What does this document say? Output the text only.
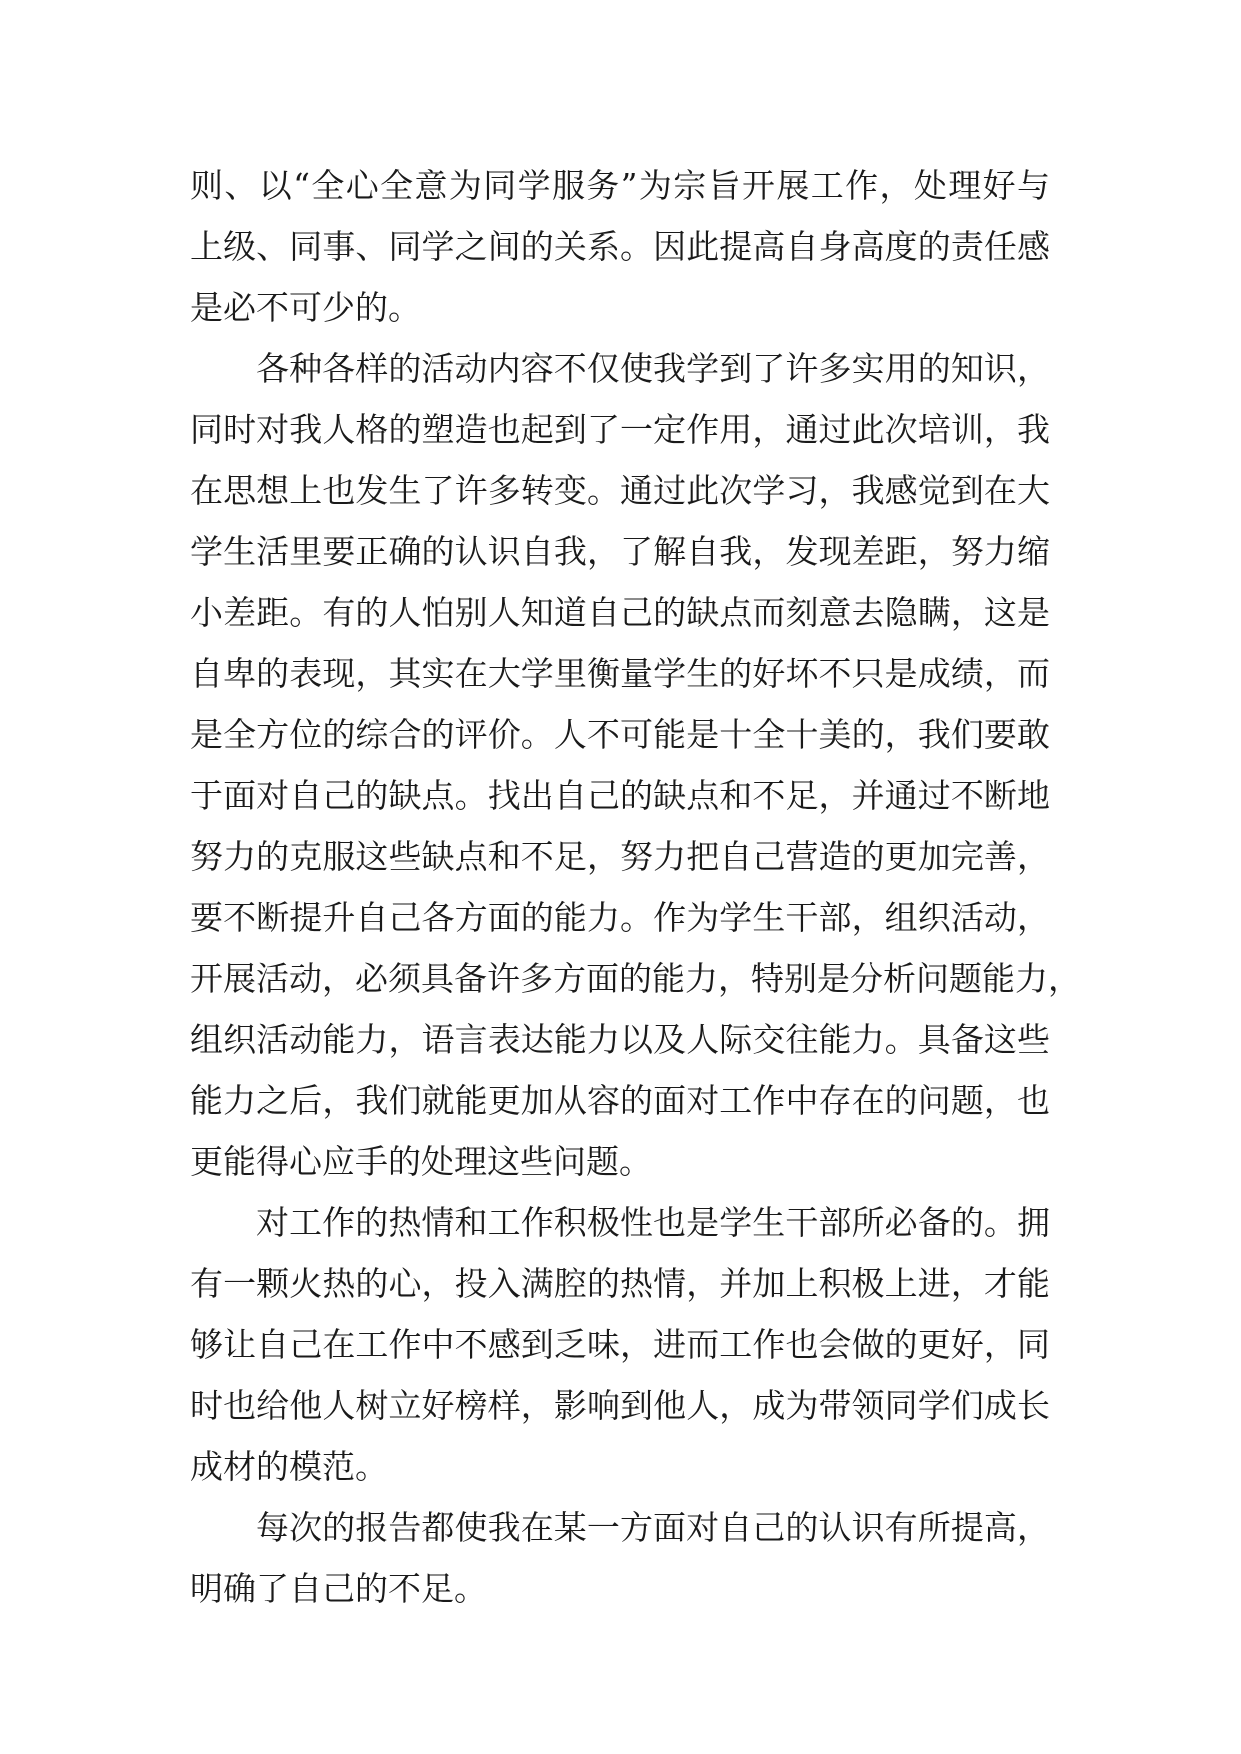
则、以“全心全意为同学服务”为宗旨开展工作，处理好与
上级、同事、同学之间的关系。因此提高自身高度的责任感
是必不可少的。
各种各样的活动内容不仅使我学到了许多实用的知识，
同时对我人格的塑造也起到了一定作用，通过此次培训，我
在思想上也发生了许多转变。通过此次学习，我感觉到在大
学生活里要正确的认识自我，了解自我，发现差距，努力缩
小差距。有的人怕别人知道自己的缺点而刻意去隐瞒，这是
自卑的表现，其实在大学里衡量学生的好坏不只是成绩，而
是全方位的综合的评价。人不可能是十全十美的，我们要敢
于面对自己的缺点。找出自己的缺点和不足，并通过不断地
努力的克服这些缺点和不足，努力把自己营造的更加完善，
要不断提升自己各方面的能力。作为学生干部，组织活动，
开展活动，必须具备许多方面的能力，特别是分析问题能力，
组织活动能力，语言表达能力以及人际交往能力。具备这些
能力之后，我们就能更加从容的面对工作中存在的问题，也
更能得心应手的处理这些问题。
对工作的热情和工作积极性也是学生干部所必备的。拥
有一颗火热的心，投入满腔的热情，并加上积极上进，才能
够让自己在工作中不感到乏味，进而工作也会做的更好，同
时也给他人树立好榜样，影响到他人，成为带领同学们成长
成材的模范。
每次的报告都使我在某一方面对自己的认识有所提高，
明确了自己的不足。
